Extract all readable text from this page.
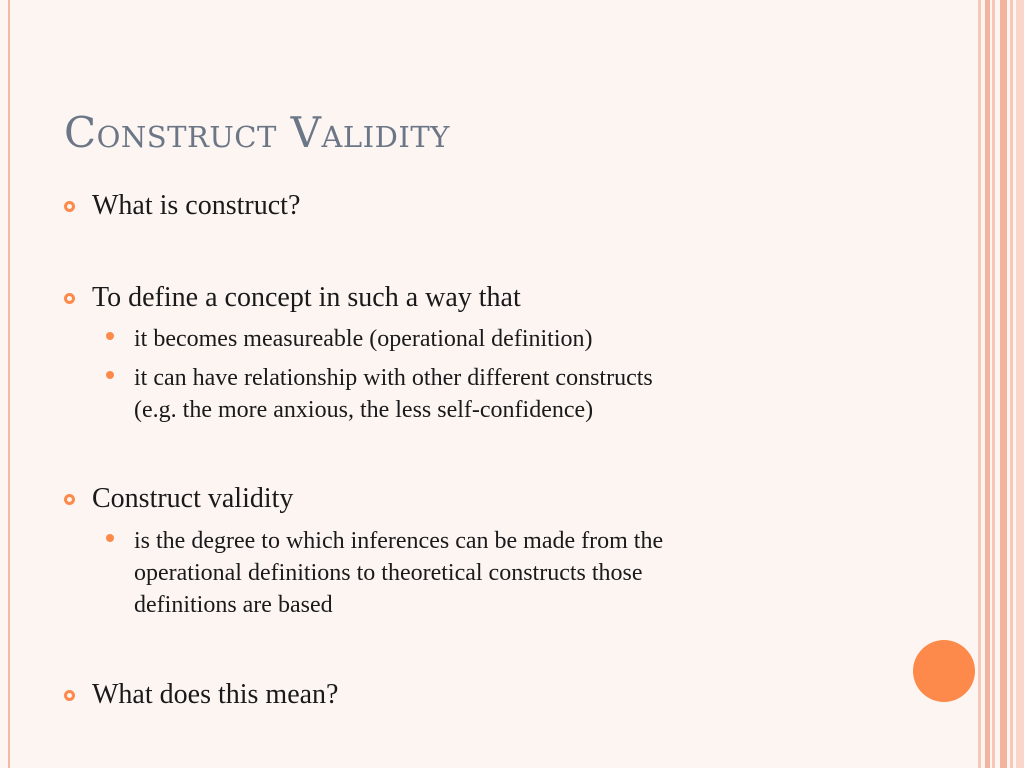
Construct Validity
What is construct?
To define a concept in such a way that
it becomes measureable (operational definition)
it can have relationship with other different constructs
(e.g. the more anxious, the less self-confidence)
Construct validity
is the degree to which inferences can be made from the
operational definitions to theoretical constructs those
definitions are based
What does this mean?
